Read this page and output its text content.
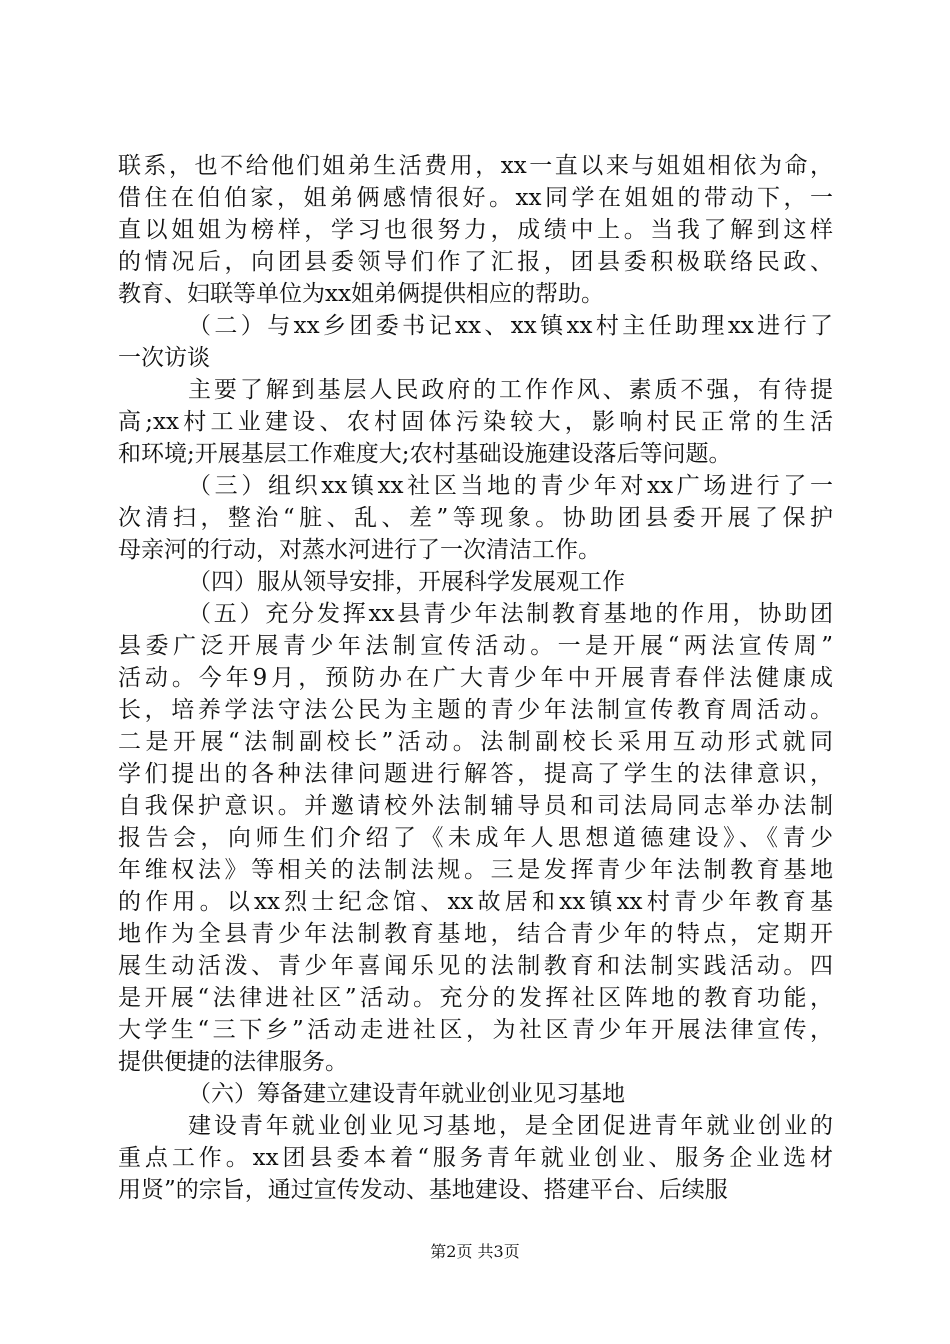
联系，也不给他们姐弟生活费用，xx一直以来与姐姐相依为命，
借住在伯伯家，姐弟俩感情很好。xx同学在姐姐的带动下，一
直以姐姐为榜样，学习也很努力，成绩中上。当我了解到这样
的情况后，向团县委领导们作了汇报，团县委积极联络民政、
教育、妇联等单位为xx姐弟俩提供相应的帮助。
（二）与xx乡团委书记xx、xx镇xx村主任助理xx进行了
一次访谈
主要了解到基层人民政府的工作作风、素质不强，有待提
高;xx村工业建设、农村固体污染较大，影响村民正常的生活
和环境;开展基层工作难度大;农村基础设施建设落后等问题。
（三）组织xx镇xx社区当地的青少年对xx广场进行了一
次清扫，整治“脏、乱、差”等现象。协助团县委开展了保护
母亲河的行动，对蒸水河进行了一次清洁工作。
（四）服从领导安排，开展科学发展观工作
（五）充分发挥xx县青少年法制教育基地的作用，协助团
县委广泛开展青少年法制宣传活动。一是开展“两法宣传周”
活动。今年9月，预防办在广大青少年中开展青春伴法健康成
长，培养学法守法公民为主题的青少年法制宣传教育周活动。
二是开展“法制副校长”活动。法制副校长采用互动形式就同
学们提出的各种法律问题进行解答，提高了学生的法律意识，
自我保护意识。并邀请校外法制辅导员和司法局同志举办法制
报告会，向师生们介绍了《未成年人思想道德建设》、《青少
年维权法》等相关的法制法规。三是发挥青少年法制教育基地
的作用。以xx烈士纪念馆、xx故居和xx镇xx村青少年教育基
地作为全县青少年法制教育基地，结合青少年的特点，定期开
展生动活泼、青少年喜闻乐见的法制教育和法制实践活动。四
是开展“法律进社区”活动。充分的发挥社区阵地的教育功能，
大学生“三下乡”活动走进社区，为社区青少年开展法律宣传，
提供便捷的法律服务。
（六）筹备建立建设青年就业创业见习基地
建设青年就业创业见习基地，是全团促进青年就业创业的
重点工作。xx团县委本着“服务青年就业创业、服务企业选材
用贤”的宗旨，通过宣传发动、基地建设、搭建平台、后续服
第2页 共3页
